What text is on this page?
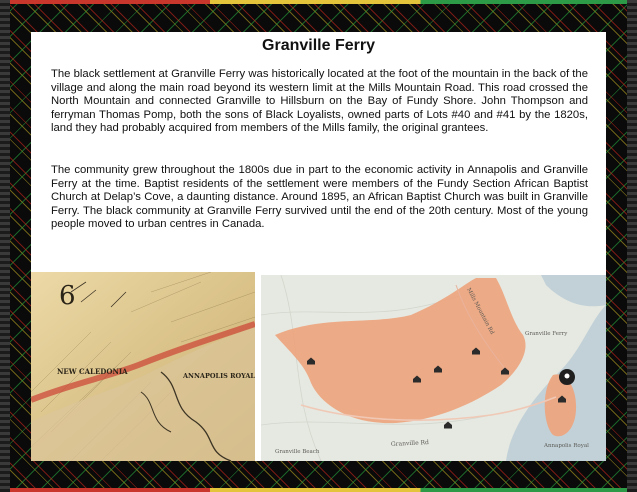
Granville Ferry

The black settlement at Granville Ferry was historically located at the foot of the mountain in the back of the village and along the main road beyond its western limit at the Mills Mountain Road. This road crossed the North Mountain and connected Granville to Hillsburn on the Bay of Fundy Shore. John Thompson and ferryman Thomas Pomp, both the sons of Black Loyalists, owned parts of Lots #40 and #41 by the 1820s, land they had probably acquired from members of the Mills family, the original grantees.

The community grew throughout the 1800s due in part to the economic activity in Annapolis and Granville Ferry at the time. Baptist residents of the settlement were members of the Fundy Section African Baptist Church at Delap’s Cove, a daunting distance. Around 1895, an African Baptist Church was built in Granville Ferry. The black community at Granville Ferry survived until the end of the 20th century. Most of the young people moved to urban centres in Canada.

6
NEW CALEDONIA	ANNAPOLIS ROYAL
Granville Rd
Mills Mountain Rd	Granville Ferry
Annapolis Royal
Granville Beach
